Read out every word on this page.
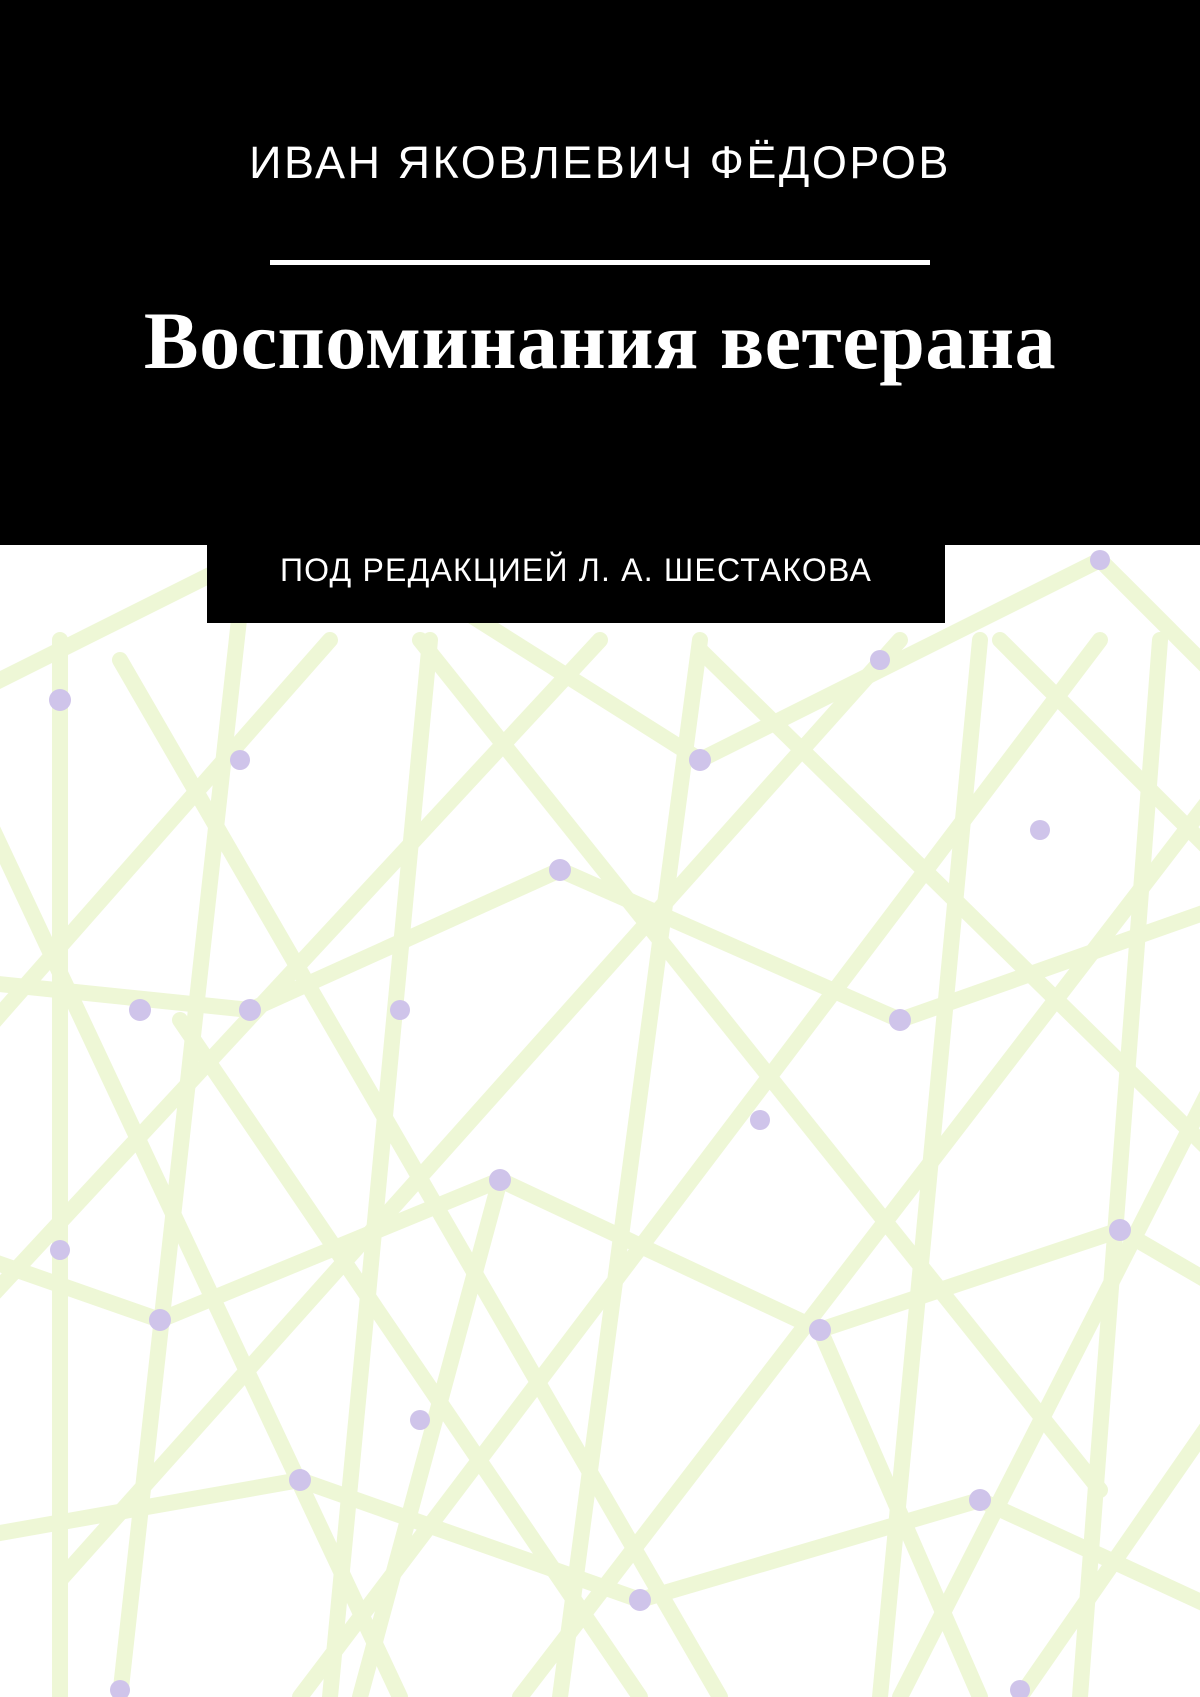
ИВАН ЯКОВЛЕВИЧ ФЁДОРОВ
Воспоминания ветерана
ПОД РЕДАКЦИЕЙ Л. А. ШЕСТАКОВА
